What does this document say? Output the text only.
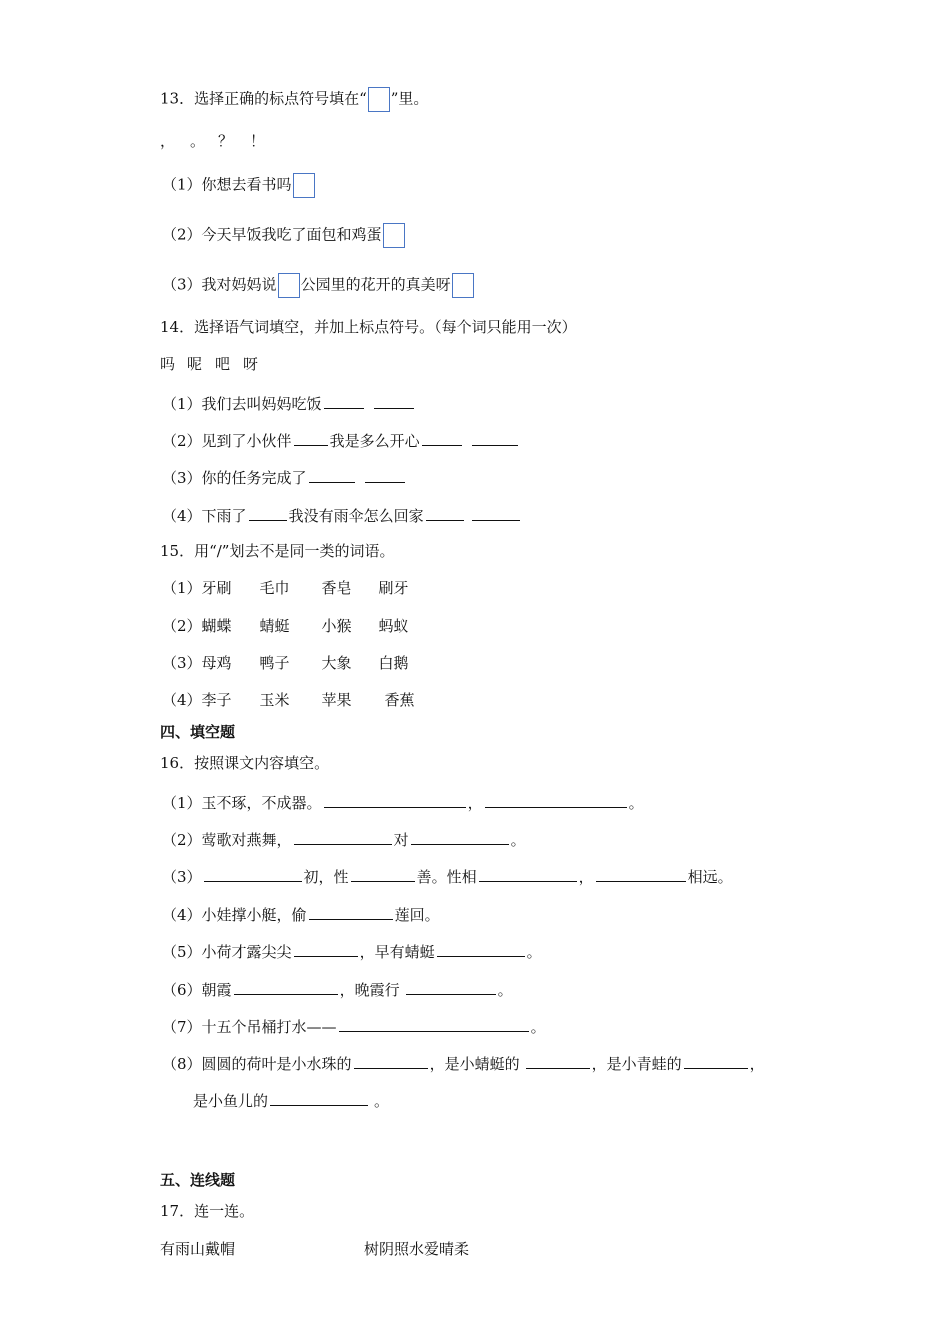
13．选择正确的标点符号填在“ ”里。
， 。 ？ ！
（1）你想去看书吗
（2）今天早饭我吃了面包和鸡蛋
（3）我对妈妈说 公园里的花开的真美呀
14．选择语气词填空，并加上标点符号。（每个词只能用一次）
吗 呢 吧 呀
（1）我们去叫妈妈吃饭
（2）见到了小伙伴	我是多么开心
（3）你的任务完成了
（4）下雨了	我没有雨伞怎么回家
15．用“/”划去不是同一类的词语。
（1）牙刷 毛巾 香皂 刷牙
（2）蝴蝶 蜻蜓 小猴 蚂蚁
（3）母鸡 鸭子 大象 白鹅
（4）李子 玉米 苹果 香蕉
四、填空题
16．按照课文内容填空。
（1）玉不琢，不成器。	，	。
（2）莺歌对燕舞，	对	。
（3）	初，性	善。性相	，	相远。
（4）小娃撑小艇，偷	莲回。
（5）小荷才露尖尖	，早有蜻蜓	。
（6）朝霞	，晚霞行	。
（7）十五个吊桶打水——	。
（8）圆圆的荷叶是小水珠的	，是小蜻蜓的	，是小青蛙的	，
是小鱼儿的	。
五、连线题
17．连一连。
有雨山戴帽	树阴照水爱晴柔
